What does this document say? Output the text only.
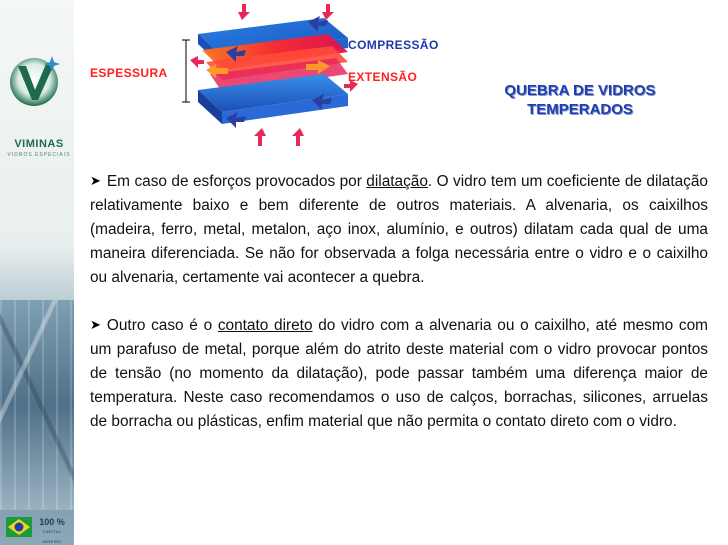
VIMINAS
VIDROS ESPECIAIS
100 %
CAPITAL MINEIRO
ESPESSURA
COMPRESSÃO
EXTENSÃO
QUEBRA DE VIDROS
TEMPERADOS

➤ Em caso de esforços provocados por dilatação. O vidro tem um coeficiente de dilatação relativamente baixo e bem diferente de outros materiais. A alvenaria, os caixilhos (madeira, ferro, metal, metalon, aço inox, alumínio, e outros) dilatam cada qual de uma maneira diferenciada. Se não for observada a folga necessária entre o vidro e o caixilho ou alvenaria, certamente vai acontecer a quebra.

➤ Outro caso é o contato direto do vidro com a alvenaria ou o caixilho, até mesmo com um parafuso de metal, porque além do atrito deste material com o vidro provocar pontos de tensão (no momento da dilatação), pode passar também uma diferença maior de temperatura. Neste caso recomendamos o uso de calços, borrachas, silicones, arruelas de borracha ou plásticas, enfim material que não permita o contato direto com o vidro.
